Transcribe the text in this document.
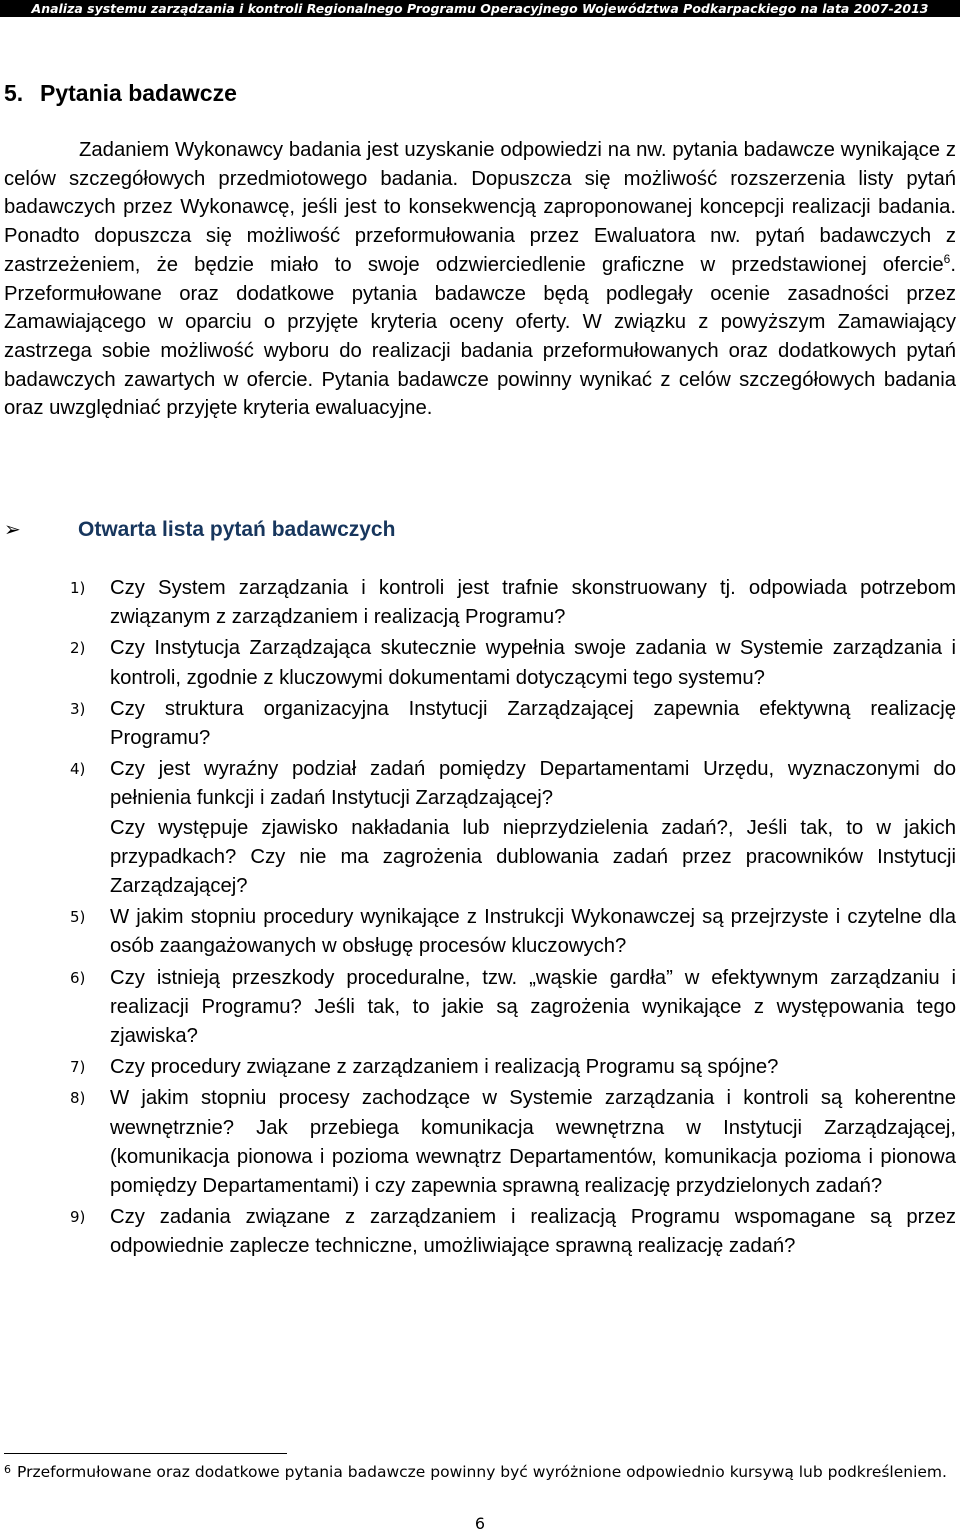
Analiza systemu zarządzania i kontroli Regionalnego Programu Operacyjnego Województwa Podkarpackiego na lata 2007-2013
5. Pytania badawcze

Zadaniem Wykonawcy badania jest uzyskanie odpowiedzi na nw. pytania badawcze wynikające z celów szczegółowych przedmiotowego badania. Dopuszcza się możliwość rozszerzenia listy pytań badawczych przez Wykonawcę, jeśli jest to konsekwencją zaproponowanej koncepcji realizacji badania. Ponadto dopuszcza się możliwość przeformułowania przez Ewaluatora nw. pytań badawczych z zastrzeżeniem, że będzie miało to swoje odzwierciedlenie graficzne w przedstawionej ofercie$^6$. Przeformułowane oraz dodatkowe pytania badawcze będą podlegały ocenie zasadności przez Zamawiającego w oparciu o przyjęte kryteria oceny oferty. W związku z powyższym Zamawiający zastrzega sobie możliwość wyboru do realizacji badania przeformułowanych oraz dodatkowych pytań badawczych zawartych w ofercie. Pytania badawcze powinny wynikać z celów szczegółowych badania oraz uwzględniać przyjęte kryteria ewaluacyjne.

➢	Otwarta lista pytań badawczych
1) Czy System zarządzania i kontroli jest trafnie skonstruowany tj. odpowiada potrzebom związanym z zarządzaniem i realizacją Programu?
2) Czy Instytucja Zarządzająca skutecznie wypełnia swoje zadania w Systemie zarządzania i kontroli, zgodnie z kluczowymi dokumentami dotyczącymi tego systemu?
3) Czy struktura organizacyjna Instytucji Zarządzającej zapewnia efektywną realizację Programu?
4) Czy jest wyraźny podział zadań pomiędzy Departamentami Urzędu, wyznaczonymi do pełnienia funkcji i zadań Instytucji Zarządzającej?
Czy występuje zjawisko nakładania lub nieprzydzielenia zadań?, Jeśli tak, to w jakich przypadkach? Czy nie ma zagrożenia dublowania zadań przez pracowników Instytucji Zarządzającej?
5) W jakim stopniu procedury wynikające z Instrukcji Wykonawczej są przejrzyste i czytelne dla osób zaangażowanych w obsługę procesów kluczowych?
6) Czy istnieją przeszkody proceduralne, tzw. „wąskie gardła” w efektywnym zarządzaniu i realizacji Programu? Jeśli tak, to jakie są zagrożenia wynikające z występowania tego zjawiska?
7) Czy procedury związane z zarządzaniem i realizacją Programu są spójne?
8) W jakim stopniu procesy zachodzące w Systemie zarządzania i kontroli są koherentne wewnętrznie? Jak przebiega komunikacja wewnętrzna w Instytucji Zarządzającej, (komunikacja pionowa i pozioma wewnątrz Departamentów, komunikacja pozioma i pionowa pomiędzy Departamentami) i czy zapewnia sprawną realizację przydzielonych zadań?
9) Czy zadania związane z zarządzaniem i realizacją Programu wspomagane są przez odpowiednie zaplecze techniczne, umożliwiające sprawną realizację zadań?

$^6$ Przeformułowane oraz dodatkowe pytania badawcze powinny być wyróżnione odpowiednio kursywą lub podkreśleniem.

6
